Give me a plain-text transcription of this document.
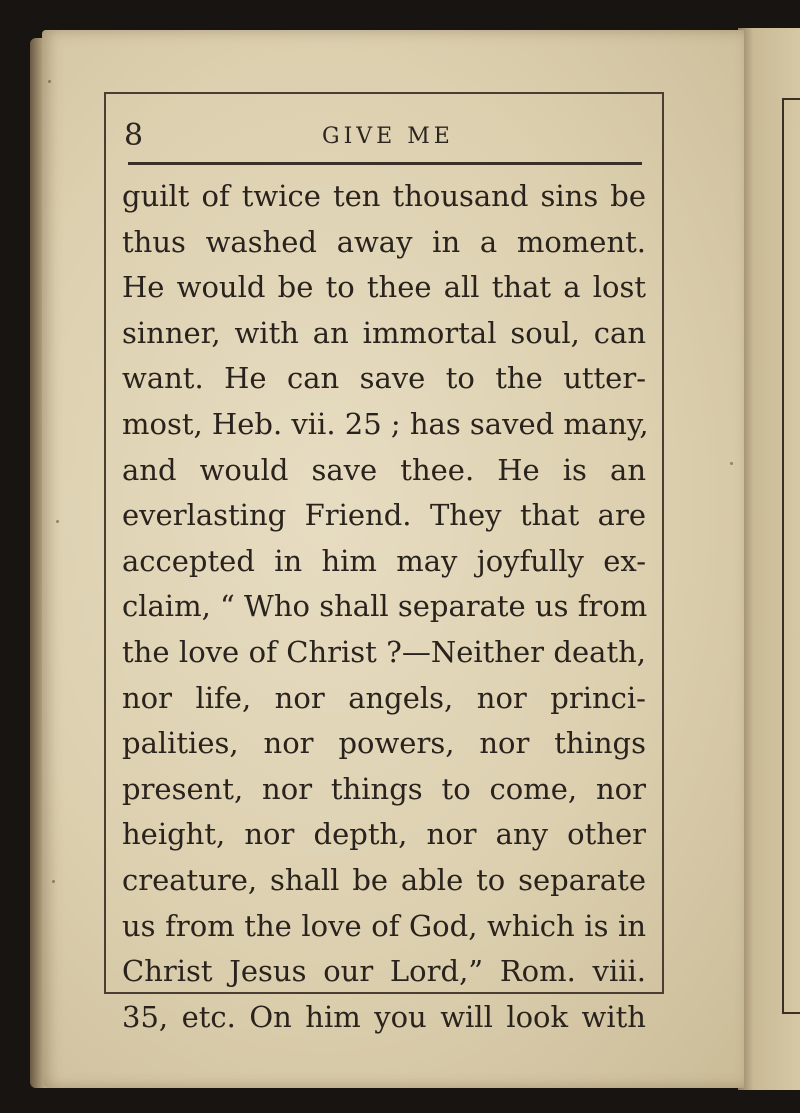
8	GIVE ME
guilt of twice ten thousand sins be
thus washed away in a moment.
He would be to thee all that a lost
sinner, with an immortal soul, can
want. He can save to the utter-
most, Heb. vii. 25 ; has saved many,
and would save thee. He is an
everlasting Friend. They that are
accepted in him may joyfully ex-
claim, “ Who shall separate us from
the love of Christ ?—Neither death,
nor life, nor angels, nor princi-
palities, nor powers, nor things
present, nor things to come, nor
height, nor depth, nor any other
creature, shall be able to separate
us from the love of God, which is in
Christ Jesus our Lord,” Rom. viii.
35, etc. On him you will look with
